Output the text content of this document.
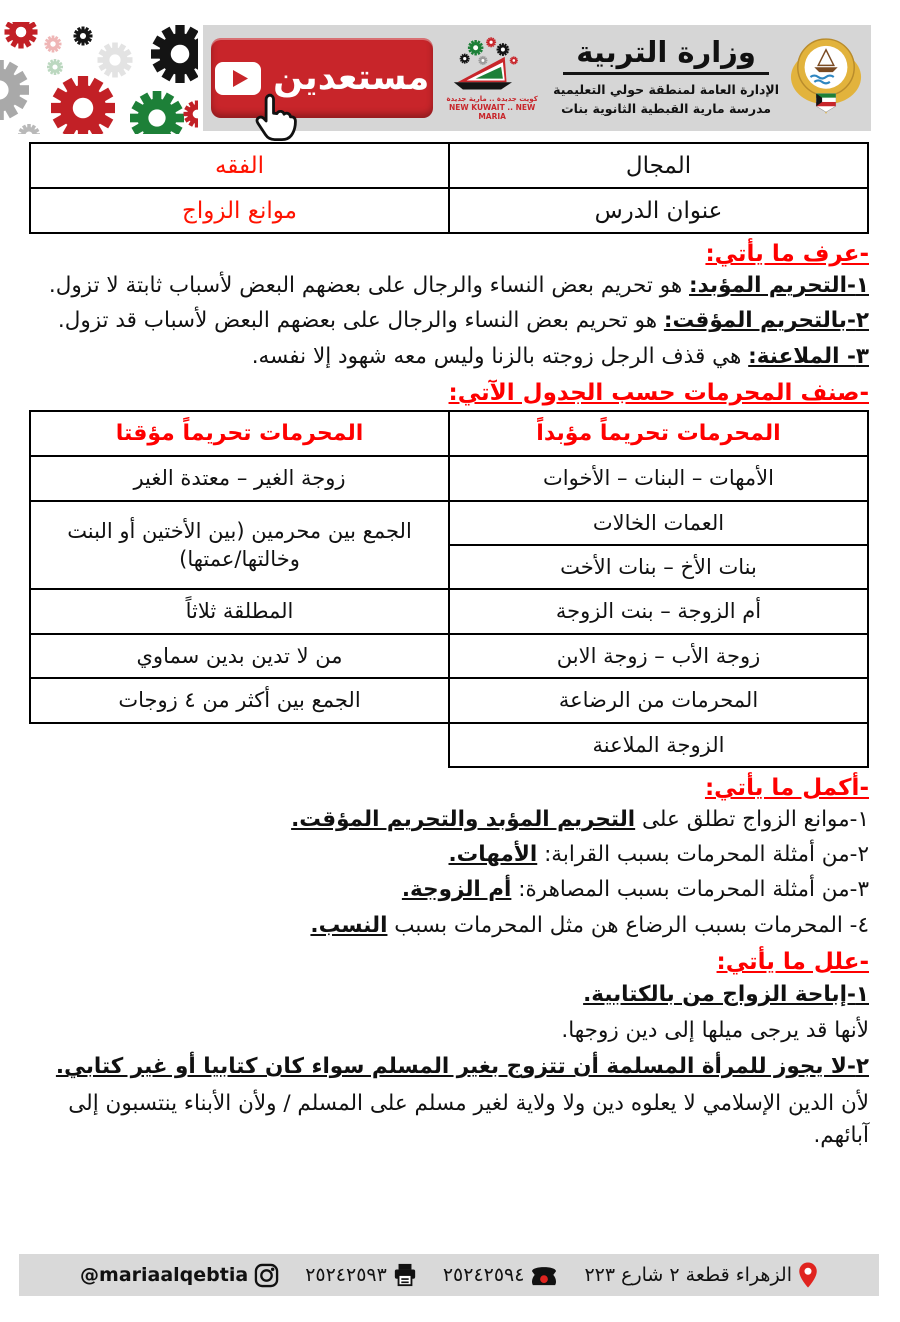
وزارة التربية
الإدارة العامة لمنطقة حولي التعليمية
مدرسة مارية القبطية الثانوية بنات
كويت جديدة .. مارية جديدة
NEW KUWAIT .. NEW MARIA
مستعدين
المجال	الفقه
عنوان الدرس	موانع الزواج
-عرف ما يأتي:

١-التحريم المؤبد: هو تحريم بعض النساء والرجال على بعضهم البعض لأسباب ثابتة لا تزول.

٢-بالتحريم المؤقت: هو تحريم بعض النساء والرجال على بعضهم البعض لأسباب قد تزول.

٣- الملاعنة: هي قذف الرجل زوجته بالزنا وليس معه شهود إلا نفسه.

-صنف المحرمات حسب الجدول الآتي:
المحرمات تحريماً مؤبداً	المحرمات تحريماً مؤقتا
الأمهات – البنات – الأخوات	زوجة الغير – معتدة الغير
العمات الخالات	الجمع بين محرمين (بين الأختين أو البنت وخالتها/عمتها)
بنات الأخ – بنات الأخت	
أم الزوجة – بنت الزوجة	المطلقة ثلاثاً
زوجة الأب – زوجة الابن	من لا تدين بدين سماوي
المحرمات من الرضاعة	الجمع بين أكثر من ٤ زوجات
الزوجة الملاعنة	
-أكمل ما يأتي:

١-موانع الزواج تطلق على التحريم المؤبد والتحريم المؤقت.

٢-من أمثلة المحرمات بسبب القرابة: الأمهات.

٣-من أمثلة المحرمات بسبب المصاهرة: أم الزوجة.

٤- المحرمات بسبب الرضاع هن مثل المحرمات بسبب النسب.

-علل ما يأتي:

١-إباحة الزواج من بالكتابية.

لأنها قد يرجى ميلها إلى دين زوجها.

٢-لا يجوز للمرأة المسلمة أن تتزوج بغير المسلم سواء كان كتابيا أو غير كتابي.

لأن الدين الإسلامي لا يعلوه دين ولا ولاية لغير مسلم على المسلم / ولأن الأبناء ينتسبون إلى آبائهم.

الزهراء قطعة ٢ شارع ٢٢٣
٢٥٢٤٢٥٩٤
٢٥٢٤٢٥٩٣
@mariaalqebtia
